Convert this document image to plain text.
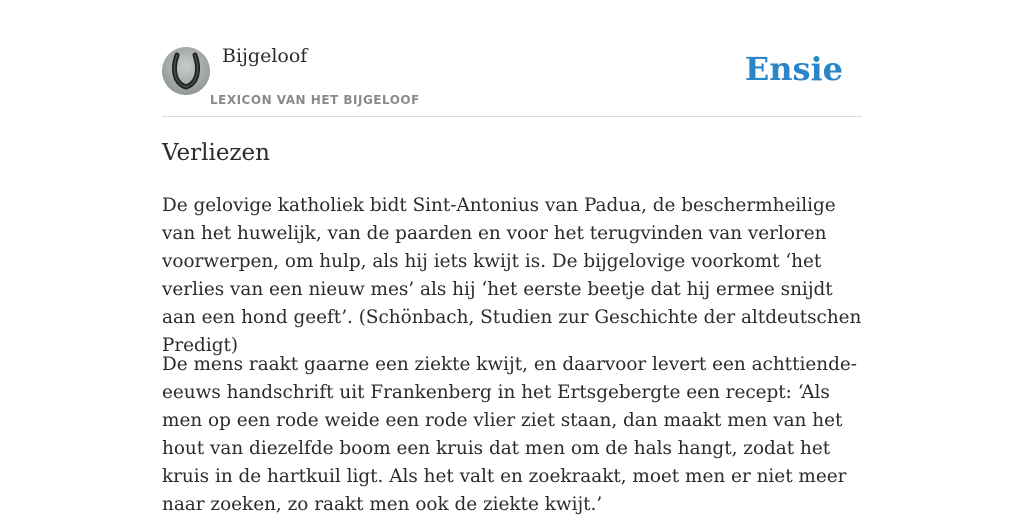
Bijgeloof
LEXICON VAN HET BIJGELOOF
Ensie
Verliezen

De gelovige katholiek bidt Sint-Antonius van Padua, de beschermheilige van het huwelijk, van de paarden en voor het terugvinden van verloren voorwerpen, om hulp, als hij iets kwijt is. De bijgelovige voorkomt ‘het verlies van een nieuw mes’ als hij ‘het eerste beetje dat hij ermee snijdt aan een hond geeft’. (Schönbach, Studien zur Geschichte der altdeutschen Predigt)

De mens raakt gaarne een ziekte kwijt, en daarvoor levert een achttiende-eeuws handschrift uit Frankenberg in het Ertsgebergte een recept: ‘Als men op een rode weide een rode vlier ziet staan, dan maakt men van het hout van diezelfde boom een kruis dat men om de hals hangt, zodat het kruis in de hartkuil ligt. Als het valt en zoekraakt, moet men er niet meer naar zoeken, zo raakt men ook de ziekte kwijt.’
